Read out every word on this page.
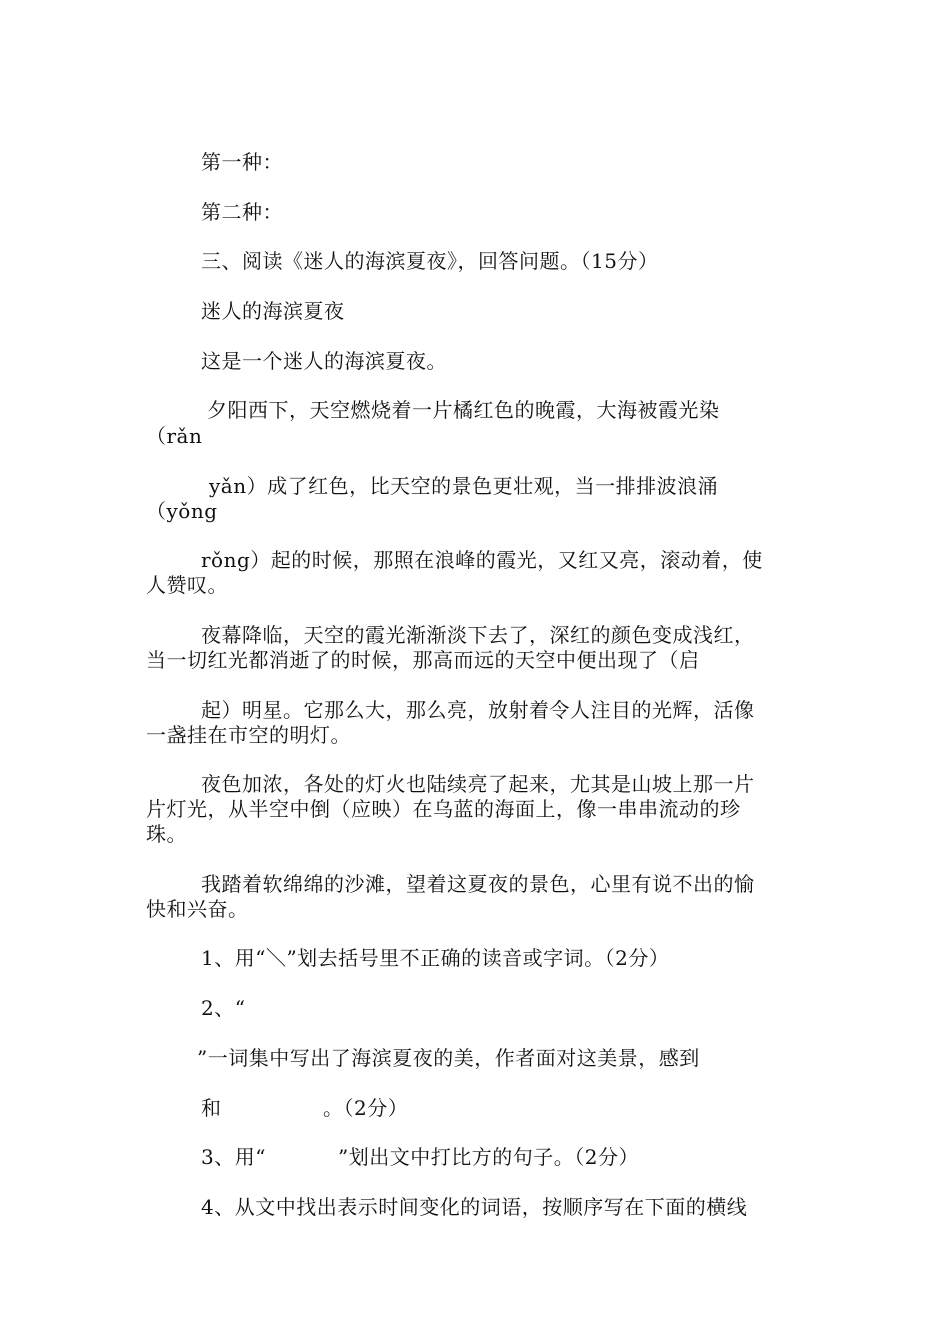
第一种：
第二种：
三、阅读《迷人的海滨夏夜》，回答问题。（15分）
迷人的海滨夏夜
这是一个迷人的海滨夏夜。
夕阳西下，天空燃烧着一片橘红色的晚霞，大海被霞光染
（rǎn
yǎn）成了红色，比天空的景色更壮观，当一排排波浪涌
（yǒng
rǒng）起的时候，那照在浪峰的霞光，又红又亮，滚动着，使
人赞叹。
夜幕降临，天空的霞光渐渐淡下去了，深红的颜色变成浅红，
当一切红光都消逝了的时候，那高而远的天空中便出现了（启
起）明星。它那么大，那么亮，放射着令人注目的光辉，活像
一盏挂在市空的明灯。
夜色加浓，各处的灯火也陆续亮了起来，尤其是山坡上那一片
片灯光，从半空中倒（应映）在乌蓝的海面上，像一串串流动的珍
珠。
我踏着软绵绵的沙滩，望着这夏夜的景色，心里有说不出的愉
快和兴奋。
1、用“＼”划去括号里不正确的读音或字词。（2分）
2、“
”一词集中写出了海滨夏夜的美，作者面对这美景，感到
和	。（2分）
3、用“	”划出文中打比方的句子。（2分）
4、从文中找出表示时间变化的词语，按顺序写在下面的横线
